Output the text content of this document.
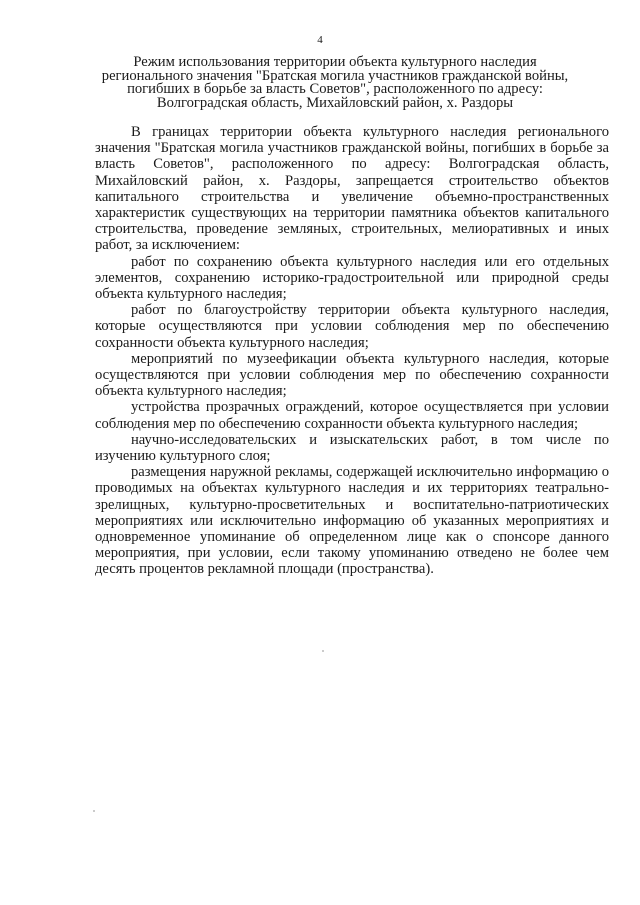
4
Режим использования территории объекта культурного наследия
регионального значения "Братская могила участников гражданской войны,
погибших в борьбе за власть Советов", расположенного по адресу:
Волгоградская область, Михайловский район, х. Раздоры

В границах территории объекта культурного наследия регионального значения "Братская могила участников гражданской войны, погибших в борьбе за власть Советов", расположенного по адресу: Волгоградская область, Михайловский район, х. Раздоры, запрещается строительство объектов капитального строительства и увеличение объемно-пространственных характеристик существующих на территории памятника объектов капитального строительства, проведение земляных, строительных, мелиоративных и иных работ, за исключением:

работ по сохранению объекта культурного наследия или его отдельных элементов, сохранению историко-градостроительной или природной среды объекта культурного наследия;

работ по благоустройству территории объекта культурного наследия, которые осуществляются при условии соблюдения мер по обеспечению сохранности объекта культурного наследия;

мероприятий по музеефикации объекта культурного наследия, которые осуществляются при условии соблюдения мер по обеспечению сохранности объекта культурного наследия;

устройства прозрачных ограждений, которое осуществляется при условии соблюдения мер по обеспечению сохранности объекта культурного наследия;

научно-исследовательских и изыскательских работ, в том числе по изучению культурного слоя;

размещения наружной рекламы, содержащей исключительно информацию о проводимых на объектах культурного наследия и их территориях театрально-зрелищных, культурно-просветительных и воспитательно-патриотических мероприятиях или исключительно информацию об указанных мероприятиях и одновременное упоминание об определенном лице как о спонсоре данного мероприятия, при условии, если такому упоминанию отведено не более чем десять процентов рекламной площади (пространства).
